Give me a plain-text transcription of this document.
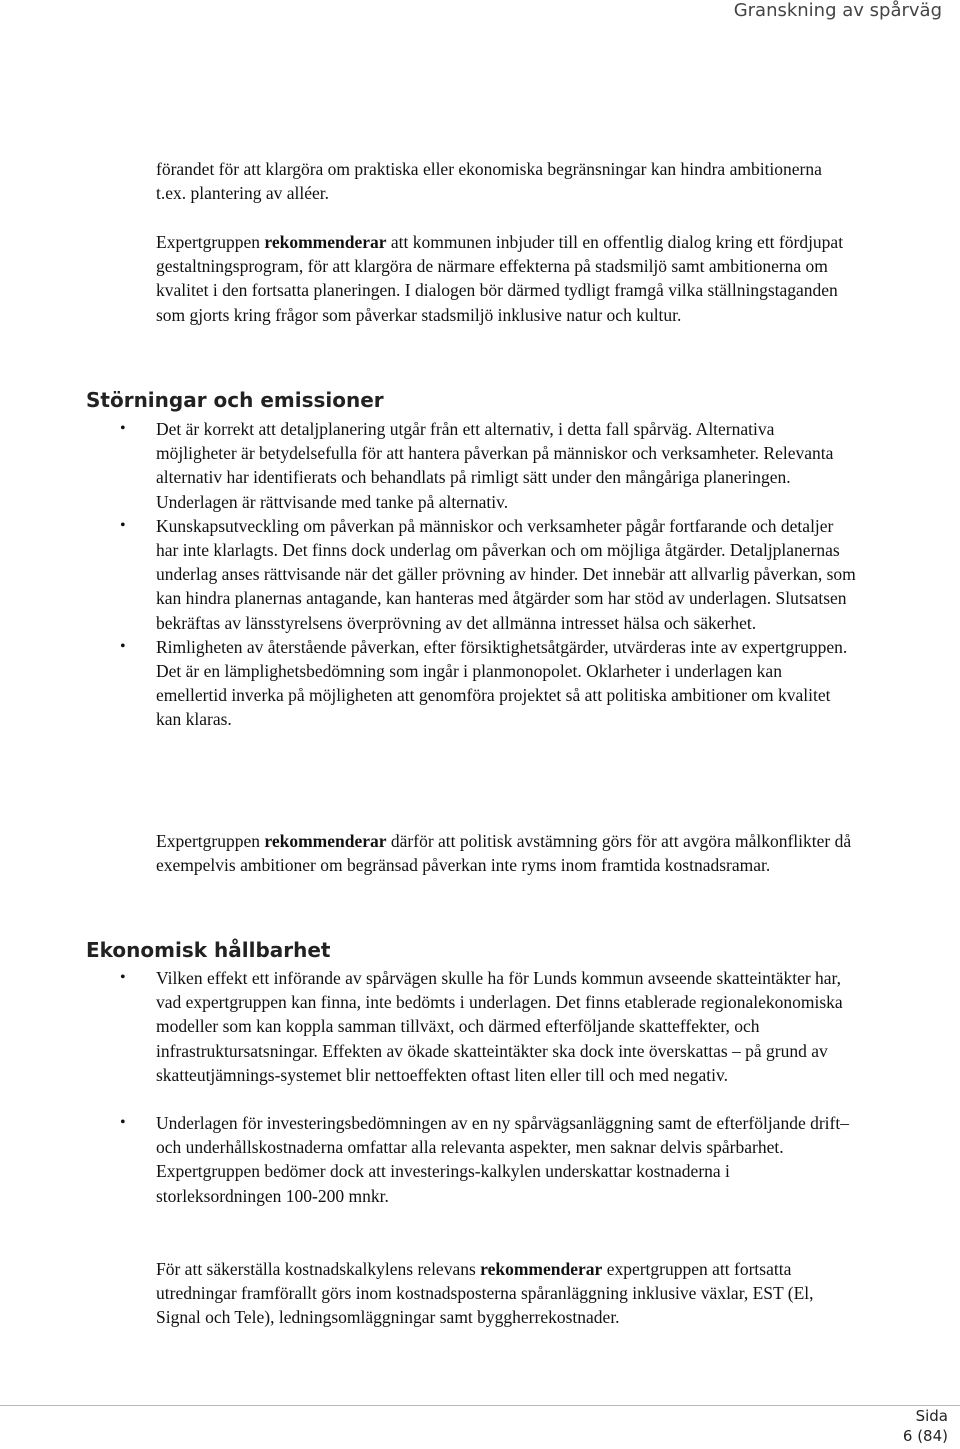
Granskning av spårväg

förandet för att klargöra om praktiska eller ekonomiska begränsningar kan hindra ambitionerna t.ex. plantering av alléer.

Expertgruppen rekommenderar att kommunen inbjuder till en offentlig dialog kring ett fördjupat gestaltningsprogram, för att klargöra de närmare effekterna på stadsmiljö samt ambitionerna om kvalitet i den fortsatta planeringen. I dialogen bör därmed tydligt framgå vilka ställningstaganden som gjorts kring frågor som påverkar stadsmiljö inklusive natur och kultur.

Störningar och emissioner
• Det är korrekt att detaljplanering utgår från ett alternativ, i detta fall spårväg. Alternativa möjligheter är betydelsefulla för att hantera påverkan på människor och verksamheter. Relevanta alternativ har identifierats och behandlats på rimligt sätt under den mångåriga planeringen. Underlagen är rättvisande med tanke på alternativ.
• Kunskapsutveckling om påverkan på människor och verksamheter pågår fortfarande och detaljer har inte klarlagts. Det finns dock underlag om påverkan och om möjliga åtgärder. Detaljplanernas underlag anses rättvisande när det gäller prövning av hinder. Det innebär att allvarlig påverkan, som kan hindra planernas antagande, kan hanteras med åtgärder som har stöd av underlagen. Slutsatsen bekräftas av länsstyrelsens överprövning av det allmänna intresset hälsa och säkerhet.
• Rimligheten av återstående påverkan, efter försiktighetsåtgärder, utvärderas inte av expertgruppen. Det är en lämplighetsbedömning som ingår i planmonopolet. Oklarheter i underlagen kan emellertid inverka på möjligheten att genomföra projektet så att politiska ambitioner om kvalitet kan klaras.

Expertgruppen rekommenderar därför att politisk avstämning görs för att avgöra målkonflikter då exempelvis ambitioner om begränsad påverkan inte ryms inom framtida kostnadsramar.

Ekonomisk hållbarhet
• Vilken effekt ett införande av spårvägen skulle ha för Lunds kommun avseende skatteintäkter har, vad expertgruppen kan finna, inte bedömts i underlagen. Det finns etablerade regionalekonomiska modeller som kan koppla samman tillväxt, och därmed efterföljande skatteffekter, och infrastruktursatsningar. Effekten av ökade skatteintäkter ska dock inte överskattas – på grund av skatteutjämnings-systemet blir nettoeffekten oftast liten eller till och med negativ.
• Underlagen för investeringsbedömningen av en ny spårvägsanläggning samt de efterföljande drift– och underhållskostnaderna omfattar alla relevanta aspekter, men saknar delvis spårbarhet. Expertgruppen bedömer dock att investerings-kalkylen underskattar kostnaderna i storleksordningen 100-200 mnkr.

För att säkerställa kostnadskalkylens relevans rekommenderar expertgruppen att fortsatta utredningar framförallt görs inom kostnadsposterna spåranläggning inklusive växlar, EST (El, Signal och Tele), ledningsomläggningar samt byggherrekostnader.

Sida
6 (84)
